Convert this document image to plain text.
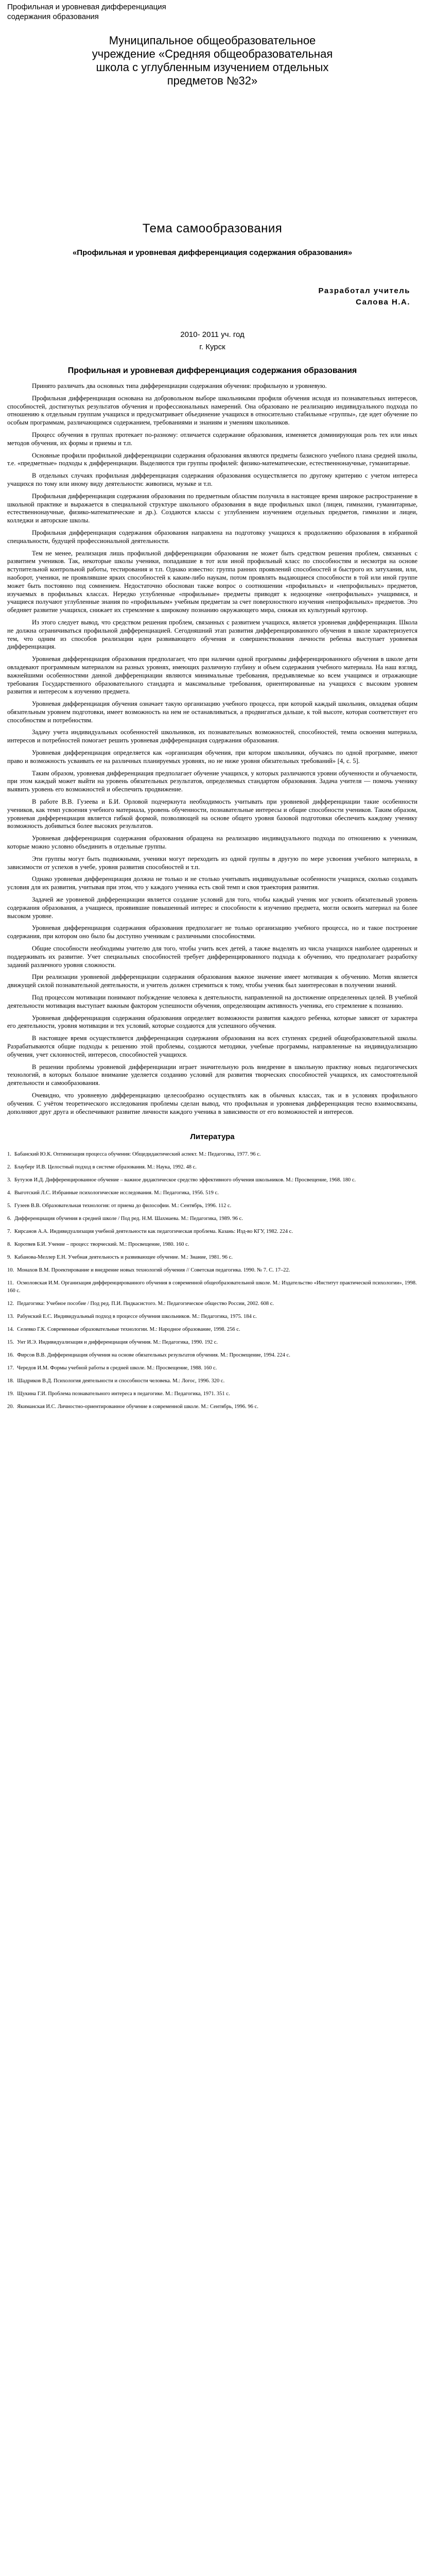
Профильная и уровневая дифференциация содержания образования
Муниципальное общеобразовательное учреждение «Средняя общеобразовательная школа с углубленным изучением отдельных предметов №32»
Тема самообразования
«Профильная и уровневая дифференциация содержания образования»
Разработал учитель
Салова Н.А.
2010- 2011 уч. год
г. Курск
Профильная и уровневая дифференциация содержания образования

Принято различать два основных типа дифференциации содержания обучения: профильную и уровневую.

Профильная дифференциация основана на добровольном выборе школьниками профиля обучения исходя из познавательных интересов, способностей, достигнутых результатов обучения и профессиональных намерений. Она образовано не реализацию индивидуального подхода по отношению к отдельным группам учащихся и предусматривает объединение учащихся в относительно стабильные «группы», где идет обучение по особым программам, различающимся содержанием, требованиями и знаниям и умениям школьников.

Процесс обучения в группах протекает по-разному: отличается содержание образования, изменяется доминирующая роль тех или иных методов обучения, их формы и приемы и т.п.

Основные профили профильной дифференциации содержания образования являются предметы базисного учебного плана средней школы, т.е. «предметные» подходы к дифференциации. Выделяются три группы профилей: физико-математические, естественнонаучные, гуманитарные.

В отдельных случаях профильная дифференциация содержания образования осуществляется по другому критерию с учетом интереса учащихся по тому или иному виду деятельности: живописи, музыке и т.п.

Профильная дифференциация содержания образования по предметным областям получила в настоящее время широкое распространение в школьной практике и выражается в специальной структуре школьного образования в виде профильных школ (лицеи, гимназии, гуманитарные, естественнонаучные, физико-математические и др.). Создаются классы с углублением изучением отдельных предметов, гимназии и лицеи, колледжи и авторские школы.

Профильная дифференциация содержания образования направлена на подготовку учащихся к продолжению образования в избранной специальности, будущей профессиональной деятельности.

Тем не менее, реализация лишь профильной дифференциации образования не может быть средством решения проблем, связанных с развитием учеников. Так, некоторые школы ученики, попадавшие в тот или иной профильный класс по способностям и несмотря на основе вступительной контрольной работы, тестирования и т.п. Однако известно: группа ранних проявлений способностей и быстрого их затухания, или, наоборот, ученики, не проявлявшие ярких способностей к каким-либо наукам, потом проявлять выдающиеся способности в той или иной группе может быть постоянно под сомнением. Недостаточно обоснован также вопрос о соотношении «профильных» и «непрофильных» предметов, изучаемых в профильных классах. Нередко углубленные «профильные» предметы приводят к недооценке «непрофильных» учащимися, и учащиеся получают углубленные знания по «профильным» учебным предметам за счет поверхностного изучения «непрофильных» предметов. Это обедняет развитие учащихся, снижает их стремление к широкому познанию окружающего мира, снижая их культурный кругозор.

Из этого следует вывод, что средством решения проблем, связанных с развитием учащихся, является уровневая дифференциация. Школа не должна ограничиваться профильной дифференциацией. Сегодняшний этап развития дифференцированного обучения в школе характеризуется тем, что одним из способов реализации идеи развивающего обучения и совершенствования личности ребенка выступает уровневая дифференциация.

Уровневая дифференциация образования предполагает, что при наличии одной программы дифференцированного обучения в школе дети овладевают программным материалом на разных уровнях, имеющих различную глубину и объем содержания учебного материала. На наш взгляд, важнейшими особенностями данной дифференциации являются минимальные требования, предъявляемые ко всем учащимся и отражающие требования Государственного образовательного стандарта и максимальные требования, ориентированные на учащихся с высоким уровнем развития и интересом к изучению предмета.

Уровневая дифференциация обучения означает такую организацию учебного процесса, при которой каждый школьник, овладевая общим обязательным уровнем подготовки, имеет возможность на нем не останавливаться, а продвигаться дальше, к той высоте, которая соответствует его способностям и потребностям.

Задачу учета индивидуальных особенностей школьников, их познавательных возможностей, способностей, темпа освоения материала, интересов и потребностей помогает решить уровневая дифференциация содержания образования.

Уровневая дифференциация определяется как «организация обучения, при котором школьники, обучаясь по одной программе, имеют право и возможность усваивать ее на различных планируемых уровнях, но не ниже уровня обязательных требований» [4, с. 5].

Таким образом, уровневая дифференциация предполагает обучение учащихся, у которых различаются уровни обученности и обучаемости, при этом каждый может выйти на уровень обязательных результатов, определяемых стандартом образования. Задача учителя — помочь ученику выявить уровень его возможностей и обеспечить продвижение.

В работе В.В. Гузеева и Б.И. Орловой подчеркнута необходимость учитывать при уровневой дифференциации такие особенности учеников, как темп усвоения учебного материала, уровень обученности, познавательные интересы и общие способности учеников. Таким образом, уровневая дифференциация является гибкой формой, позволяющей на основе общего уровня базовой подготовки обеспечить каждому ученику возможность добиваться более высоких результатов.

Уровневая дифференциация содержания образования обращена на реализацию индивидуального подхода по отношению к ученикам, которые можно условно объединить в отдельные группы.

Эти группы могут быть подвижными, ученики могут переходить из одной группы в другую по мере усвоения учебного материала, в зависимости от успехов в учебе, уровня развития способностей и т.п.

Однако уровневая дифференциация должна не только и не столько учитывать индивидуальные особенности учащихся, сколько создавать условия для их развития, учитывая при этом, что у каждого ученика есть свой темп и своя траектория развития.

Задачей же уровневой дифференциации является создание условий для того, чтобы каждый ученик мог усвоить обязательный уровень содержания образования, а учащиеся, проявившие повышенный интерес и способности к изучению предмета, могли освоить материал на более высоком уровне.

Уровневая дифференциация содержания образования предполагает не только организацию учебного процесса, но и такое построение содержания, при котором оно было бы доступно ученикам с различными способностями.

Общие способности необходимы учителю для того, чтобы учить всех детей, а также выделять из числа учащихся наиболее одаренных и поддерживать их развитие. Учет специальных способностей требует дифференцированного подхода к обучению, что предполагает разработку заданий различного уровня сложности.

При реализации уровневой дифференциации содержания образования важное значение имеет мотивация к обучению. Мотив является движущей силой познавательной деятельности, и учитель должен стремиться к тому, чтобы ученик был заинтересован в получении знаний.

Под процессом мотивации понимают побуждение человека к деятельности, направленной на достижение определенных целей. В учебной деятельности мотивация выступает важным фактором успешности обучения, определяющим активность ученика, его стремление к познанию.

Уровневая дифференциация содержания образования определяет возможности развития каждого ребенка, которые зависят от характера его деятельности, уровня мотивации и тех условий, которые создаются для успешного обучения.

В настоящее время осуществляется дифференциация содержания образования на всех ступенях средней общеобразовательной школы. Разрабатываются общие подходы к решению этой проблемы, создаются методики, учебные программы, направленные на индивидуализацию обучения, учет склонностей, интересов, способностей учащихся.

В решении проблемы уровневой дифференциации играет значительную роль внедрение в школьную практику новых педагогических технологий, в которых большое внимание уделяется созданию условий для развития творческих способностей учащихся, их самостоятельной деятельности и самообразования.

Очевидно, что уровневую дифференциацию целесообразно осуществлять как в обычных классах, так и в условиях профильного обучения. С учётом теоретического исследования проблемы сделан вывод, что профильная и уровневая дифференциация тесно взаимосвязаны, дополняют друг друга и обеспечивают развитие личности каждого ученика в зависимости от его возможностей и интересов.

Литература
1. Бабанский Ю.К. Оптимизация процесса обучения: Общедидактический аспект. М.: Педагогика, 1977. 96 с.
2. Блауберг И.В. Целостный подход в системе образования. М.: Наука, 1992. 48 с.
3. Бутузов И.Д. Дифференцированное обучение – важное дидактическое средство эффективного обучения школьников. М.: Просвещение, 1968. 180 с.
4. Выготский Л.С. Избранные психологические исследования. М.: Педагогика, 1956. 519 с.
5. Гузеев В.В. Образовательная технология: от приема до философии. М.: Сентябрь, 1996. 112 с.
6. Дифференциация обучения в средней школе / Под ред. Н.М. Шахмаева. М.: Педагогика, 1989. 96 с.
7. Кирсанов А.А. Индивидуализация учебной деятельности как педагогическая проблема. Казань: Изд-во КГУ, 1982. 224 с.
8. Коротяев Б.И. Учение – процесс творческий. М.: Просвещение, 1980. 160 с.
9. Кабанова-Меллер Е.Н. Учебная деятельность и развивающее обучение. М.: Знание, 1981. 96 с.
10. Монахов В.М. Проектирование и внедрение новых технологий обучения // Советская педагогика. 1990. № 7. С. 17–22.
11. Осмоловская И.М. Организация дифференцированного обучения в современной общеобразовательной школе. М.: Издательство «Институт практической психологии», 1998. 160 с.
12. Педагогика: Учебное пособие / Под ред. П.И. Пидкасистого. М.: Педагогическое общество России, 2002. 608 с.
13. Рабунский Е.С. Индивидуальный подход в процессе обучения школьников. М.: Педагогика, 1975. 184 с.
14. Селевко Г.К. Современные образовательные технологии. М.: Народное образование, 1998. 256 с.
15. Унт И.Э. Индивидуализация и дифференциация обучения. М.: Педагогика, 1990. 192 с.
16. Фирсов В.В. Дифференциация обучения на основе обязательных результатов обучения. М.: Просвещение, 1994. 224 с.
17. Чередов И.М. Формы учебной работы в средней школе. М.: Просвещение, 1988. 160 с.
18. Шадриков В.Д. Психология деятельности и способности человека. М.: Логос, 1996. 320 с.
19. Щукина Г.И. Проблема познавательного интереса в педагогике. М.: Педагогика, 1971. 351 с.
20. Якиманская И.С. Личностно-ориентированное обучение в современной школе. М.: Сентябрь, 1996. 96 с.
